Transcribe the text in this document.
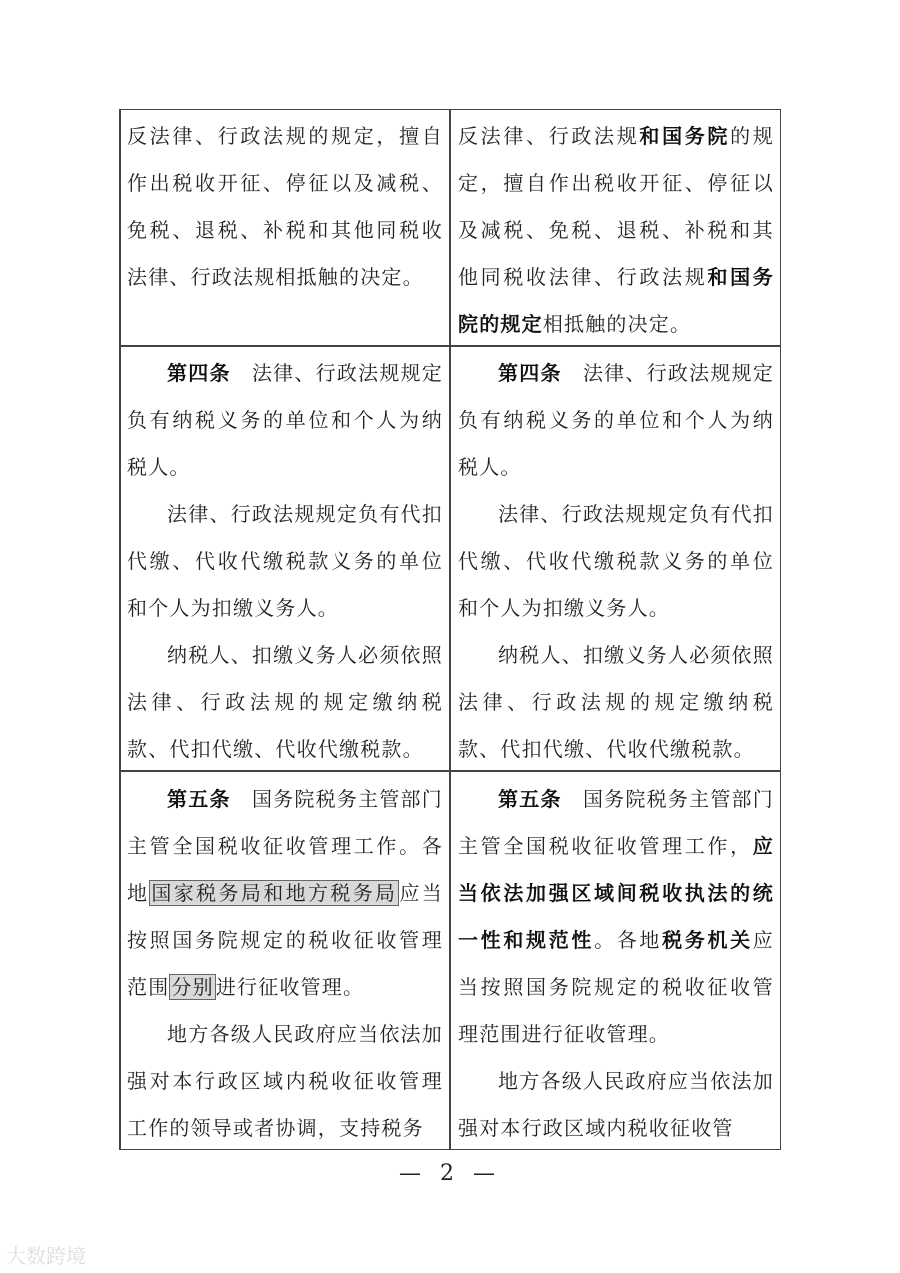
反法律、行政法规的规定，擅自作出税收开征、停征以及减税、免税、退税、补税和其他同税收法律、行政法规相抵触的决定。

反法律、行政法规和国务院的规定，擅自作出税收开征、停征以及减税、免税、退税、补税和其他同税收法律、行政法规和国务院的规定相抵触的决定。

第四条　 法律、行政法规规定负有纳税义务的单位和个人为纳税人。

法律、行政法规规定负有代扣代缴、代收代缴税款义务的单位和个人为扣缴义务人。

纳税人、扣缴义务人必须依照法律、行政法规的规定缴纳税款、代扣代缴、代收代缴税款。

第四条　 法律、行政法规规定负有纳税义务的单位和个人为纳税人。

法律、行政法规规定负有代扣代缴、代收代缴税款义务的单位和个人为扣缴义务人。

纳税人、扣缴义务人必须依照法律、行政法规的规定缴纳税款、代扣代缴、代收代缴税款。

第五条　 国务院税务主管部门主管全国税收征收管理工作。各地 国家税务局和地方税务局 应当按照国务院规定的税收征收管理范围 分别 进行征收管理。

地方各级人民政府应当依法加强对本行政区域内税收征收管理工作的领导或者协调，支持税务

第五条　 国务院税务主管部门主管全国税收征收管理工作，应当依法加强区域间税收执法的统一性和规范性。各地税务机关应当按照国务院规定的税收征收管理范围进行征收管理。

地方各级人民政府应当依法加强对本行政区域内税收征收管

— 2 —
大数跨境
